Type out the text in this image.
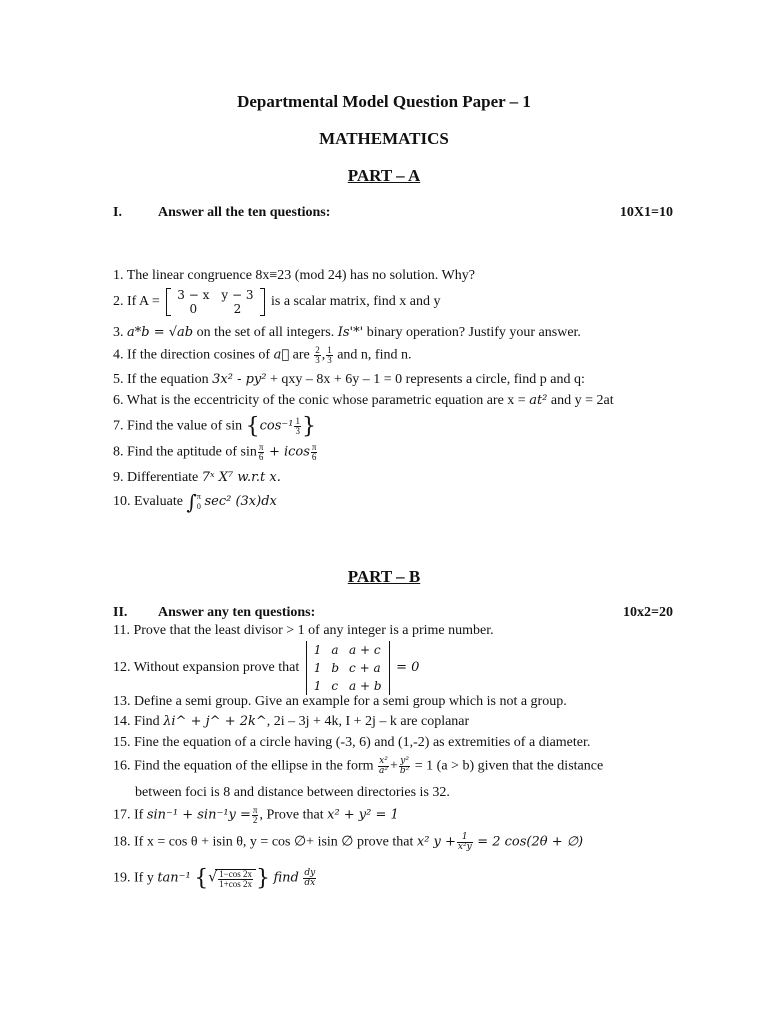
Departmental Model Question Paper – 1
MATHEMATICS
PART – A
I.	Answer all the ten questions:	10X1=10
1. The linear congruence 8x≡23 (mod 24) has no solution. Why?
2. If A = 3 − x	y − 3
0	2 is a scalar matrix, find x and y
3. a*b = √ab on the set of all integers. Is'*' binary operation? Justify your answer.
4. If the direction cosines of a⃗ are $\frac{2}{3}$ , $\frac{1}{3}$ and n, find n.
5. If the equation 3x² - py² + qxy – 8x + 6y – 1 = 0 represents a circle, find p and q:
6. What is the eccentricity of the conic whose parametric equation are x = at² and y = 2at
7. Find the value of $\sin \{\cos^{-1} \frac{1}{3}$ }
8. Find the aptitude of $\sin \frac{\pi}{6} + icos \frac{\pi}{6}$
9. Differentiate 7ˣ X⁷ w.r.t x.
10. Evaluate ∫ π
0 sec² (3x)dx
PART – B
II. Answer any ten questions:	10x2=20
11. Prove that the least divisor > 1 of any integer is a prime number.
12. Without expansion prove that
1	a	a + c
1	b	c + a
1	c	a + b
= 0
13. Define a semi group. Give an example for a semi group which is not a group.
14. Find λi^ + j^ + 2k^, 2i – 3j + 4k, I + 2j – k are coplanar
15. Fine the equation of a circle having (-3, 6) and (1,-2) as extremities of a diameter.
16. Find the equation of the ellipse in the form $\frac{\text{x²}}{\text{a²}} + \frac{\text{y²}}{\text{b²}} = 1$ (a > b) given that the distance
between foci is 8 and distance between directories is 32.
17. If $\sin^{-1} + \sin^{-1}y = \frac{\pi}{2}$ , Prove that x² + y² = 1
18. If x = cos θ + isin θ, y = cos ∅+ isin ∅ prove that x² $y + \frac{1}{\text{x²y}} = 2$ cos(2θ + ∅)
19. If y tan⁻¹ {√ $\frac{1-\cos 2x}{1+\cos 2x}$ } find $\frac{dy}{dx}$
